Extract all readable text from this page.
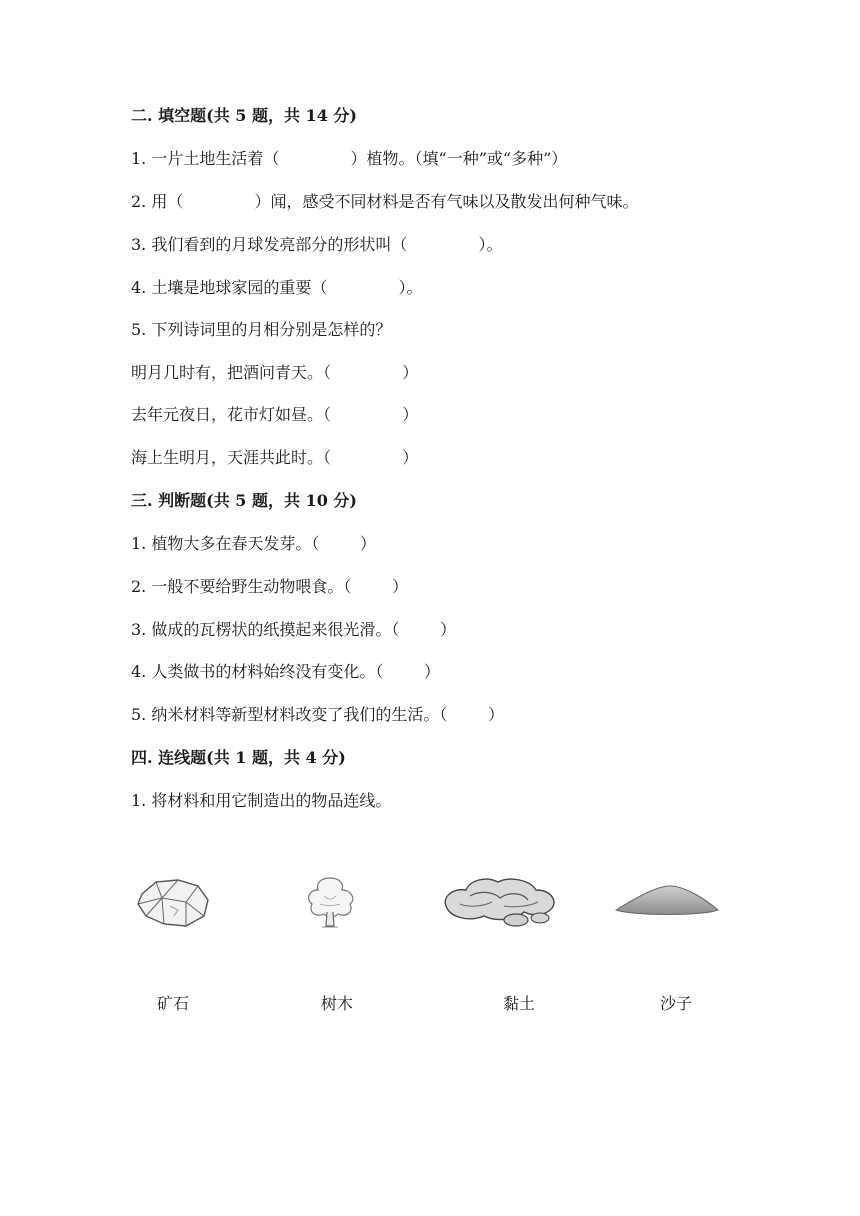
二. 填空题(共 5 题，共 14 分)
1. 一片土地生活着（              ）植物。（填“一种”或“多种”）
2. 用（              ）闻，感受不同材料是否有气味以及散发出何种气味。
3. 我们看到的月球发亮部分的形状叫（              ）。
4. 土壤是地球家园的重要（              ）。
5. 下列诗词里的月相分别是怎样的？
明月几时有，把酒问青天。（              ）
去年元夜日，花市灯如昼。（              ）
海上生明月，天涯共此时。（              ）
三. 判断题(共 5 题，共 10 分)
1. 植物大多在春天发芽。（        ）
2. 一般不要给野生动物喂食。（        ）
3. 做成的瓦楞状的纸摸起来很光滑。（        ）
4. 人类做书的材料始终没有变化。（        ）
5. 纳米材料等新型材料改变了我们的生活。（        ）
四. 连线题(共 1 题，共 4 分)
1. 将材料和用它制造出的物品连线。
矿石	树木	黏土	沙子
